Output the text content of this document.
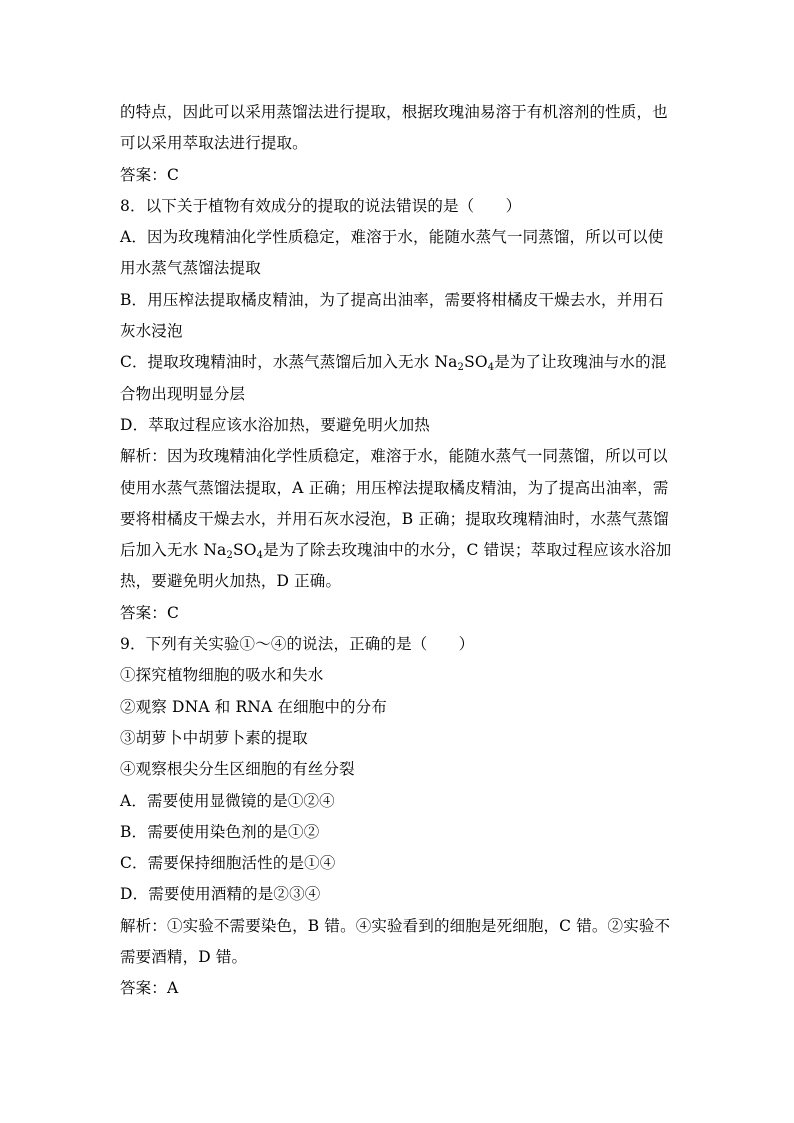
的特点，因此可以采用蒸馏法进行提取，根据玫瑰油易溶于有机溶剂的性质，也
可以采用萃取法进行提取。
答案：C
8．以下关于植物有效成分的提取的说法错误的是（　　）
A．因为玫瑰精油化学性质稳定，难溶于水，能随水蒸气一同蒸馏，所以可以使
用水蒸气蒸馏法提取
B．用压榨法提取橘皮精油，为了提高出油率，需要将柑橘皮干燥去水，并用石
灰水浸泡
C．提取玫瑰精油时，水蒸气蒸馏后加入无水 $Na_2SO_4$是为了让玫瑰油与水的混
合物出现明显分层
D．萃取过程应该水浴加热，要避免明火加热
解析：因为玫瑰精油化学性质稳定，难溶于水，能随水蒸气一同蒸馏，所以可以
使用水蒸气蒸馏法提取，A 正确；用压榨法提取橘皮精油，为了提高出油率，需
要将柑橘皮干燥去水，并用石灰水浸泡，B 正确；提取玫瑰精油时，水蒸气蒸馏
后加入无水 $Na_2SO_4$是为了除去玫瑰油中的水分，C 错误；萃取过程应该水浴加
热，要避免明火加热，D 正确。
答案：C
9．下列有关实验①～④的说法，正确的是（　　）
①探究植物细胞的吸水和失水
②观察 DNA 和 RNA 在细胞中的分布
③胡萝卜中胡萝卜素的提取
④观察根尖分生区细胞的有丝分裂
A．需要使用显微镜的是①②④
B．需要使用染色剂的是①②
C．需要保持细胞活性的是①④
D．需要使用酒精的是②③④
解析：①实验不需要染色，B 错。④实验看到的细胞是死细胞，C 错。②实验不
需要酒精，D 错。
答案：A
